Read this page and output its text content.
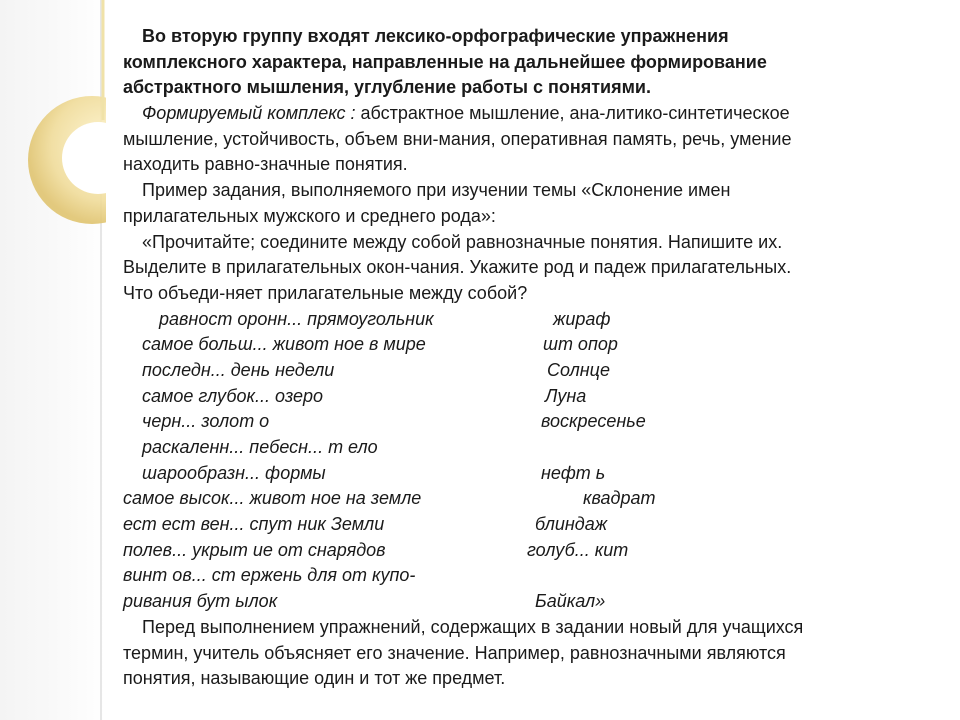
Во вторую группу входят лексико-орфографические упражнения
комплексного характера, направленные на дальнейшее формирование
абстрактного мышления, углубление работы с понятиями.
Формируемый комплекс : абстрактное мышление, ана-литико-синтетическое
мышление, устойчивость, объем вни-мания, оперативная память, речь, умение
находить равно-значные понятия.
Пример задания, выполняемого при изучении темы «Склонение имен
прилагательных мужского и среднего рода»:
«Прочитайте; соедините между собой равнозначные понятия. Напишите их.
Выделите в прилагательных окон-чания. Укажите род и падеж прилагательных.
Что объеди-няет прилагательные между собой?
равност оронн... прямоугольник	жираф
самое больш... живот ное в мире	шт опор
последн... день недели	Солнце
самое глубок... озеро	Луна
черн... золот о	воскресенье
раскаленн... пебесн... т ело
шарообразн... формы	нефт ь
самое высок... живот ное на земле	квадрат
ест ест вен... спут ник Земли	блиндаж
полев... укрыт ие от снарядов	голуб... кит
винт ов... ст ержень для от купо-
ривания бут ылок	Байкал»
Перед выполнением упражнений, содержащих в задании новый для учащихся
термин, учитель объясняет его значение. Например, равнозначными являются
понятия, называющие один и тот же предмет.
